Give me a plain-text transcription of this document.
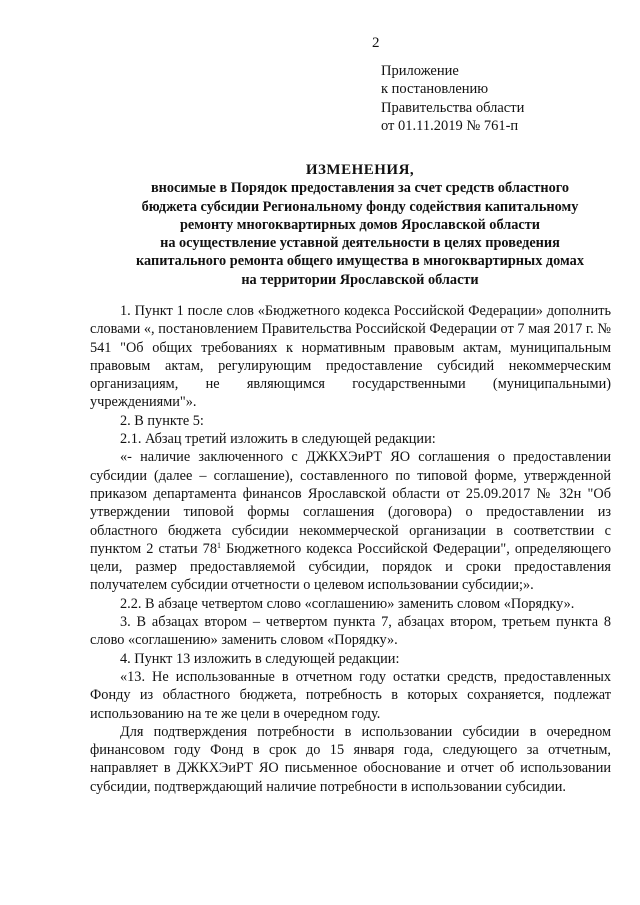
2
Приложение
к постановлению
Правительства области
от 01.11.2019 № 761-п
ИЗМЕНЕНИЯ,
вносимые в Порядок предоставления за счет средств областного
бюджета субсидии Региональному фонду содействия капитальному
ремонту многоквартирных домов Ярославской области
на осуществление уставной деятельности в целях проведения
капитального ремонта общего имущества в многоквартирных домах
на территории Ярославской области

1. Пункт 1 после слов «Бюджетного кодекса Российской Федерации» дополнить словами «, постановлением Правительства Российской Федерации от 7 мая 2017 г. № 541 "Об общих требованиях к нормативным правовым актам, муниципальным правовым актам, регулирующим предоставление субсидий некоммерческим организациям, не являющимся государственными (муниципальными) учреждениями"».

2. В пункте 5:

2.1. Абзац третий изложить в следующей редакции:

«- наличие заключенного с ДЖКХЭиРТ ЯО соглашения о предоставлении субсидии (далее – соглашение), составленного по типовой форме, утвержденной приказом департамента финансов Ярославской области от 25.09.2017 № 32н "Об утверждении типовой формы соглашения (договора) о предоставлении из областного бюджета субсидии некоммерческой организации в соответствии с пунктом 2 статьи $78^1$ Бюджетного кодекса Российской Федерации", определяющего цели, размер предоставляемой субсидии, порядок и сроки предоставления получателем субсидии отчетности о целевом использовании субсидии;».

2.2. В абзаце четвертом слово «соглашению» заменить словом «Порядку».

3. В абзацах втором – четвертом пункта 7, абзацах втором, третьем пункта 8 слово «соглашению» заменить словом «Порядку».

4. Пункт 13 изложить в следующей редакции:

«13. Не использованные в отчетном году остатки средств, предоставленных Фонду из областного бюджета, потребность в которых сохраняется, подлежат использованию на те же цели в очередном году.

Для подтверждения потребности в использовании субсидии в очередном финансовом году Фонд в срок до 15 января года, следующего за отчетным, направляет в ДЖКХЭиРТ ЯО письменное обоснование и отчет об использовании субсидии, подтверждающий наличие потребности в использовании субсидии.
